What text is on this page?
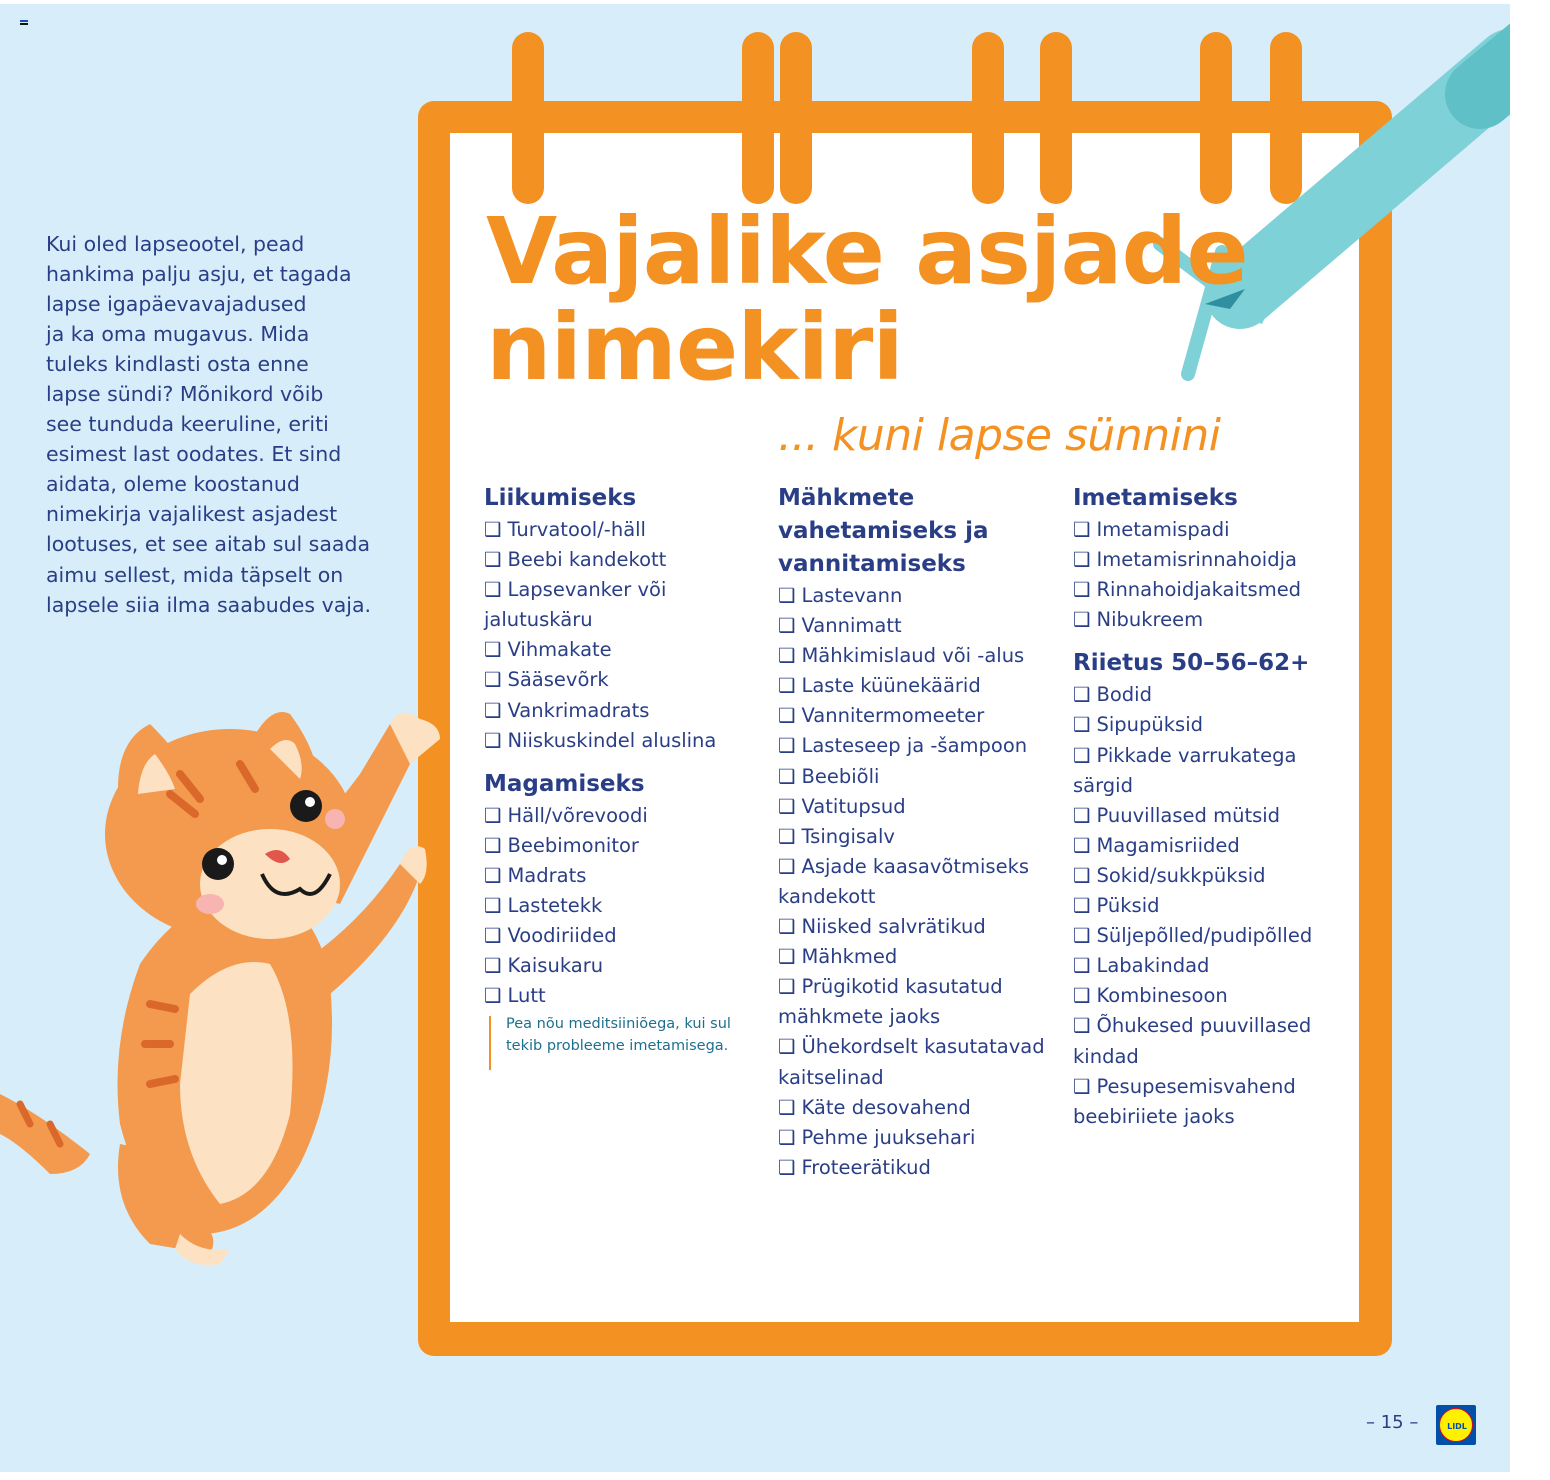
Kui oled lapseootel, pead
hankima palju asju, et tagada
lapse igapäevavajadused
ja ka oma mugavus. Mida
tuleks kindlasti osta enne
lapse sündi? Mõnikord võib
see tunduda keeruline, eriti
esimest last oodates. Et sind
aidata, oleme koostanud
nimekirja vajalikest asjadest
lootuses, et see aitab sul saada
aimu sellest, mida täpselt on
lapsele siia ilma saabudes vaja.

Vajalike asjade
nimekiri

... kuni lapse sünnini

Liikumiseks
❑ Turvatool/-häll
❑ Beebi kandekott
❑ Lapsevanker või jalutuskäru
❑ Vihmakate
❑ Sääsevõrk
❑ Vankrimadrats
❑ Niiskuskindel aluslina
Magamiseks
❑ Häll/võrevoodi
❑ Beebimonitor
❑ Madrats
❑ Lastetekk
❑ Voodiriided
❑ Kaisukaru
❑ Lutt
Pea nõu meditsiiniõega, kui sul tekib probleeme imetamisega.
Mähkmete vahetamiseks ja vannitamiseks
❑ Lastevann
❑ Vannimatt
❑ Mähkimislaud või -alus
❑ Laste küünekäärid
❑ Vannitermomeeter
❑ Lasteseep ja -šampoon
❑ Beebiõli
❑ Vatitupsud
❑ Tsingisalv
❑ Asjade kaasavõtmiseks kandekott
❑ Niisked salvrätikud
❑ Mähkmed
❑ Prügikotid kasutatud mähkmete jaoks
❑ Ühekordselt kasutatavad kaitselinad
❑ Käte desovahend
❑ Pehme juuksehari
❑ Froteerätikud
Imetamiseks
❑ Imetamispadi
❑ Imetamisrinnahoidja
❑ Rinnahoidjakaitsmed
❑ Nibukreem
Riietus 50–56–62+
❑ Bodid
❑ Sipupüksid
❑ Pikkade varrukatega särgid
❑ Puuvillased mütsid
❑ Magamisriided
❑ Sokid/sukkpüksid
❑ Püksid
❑ Süljepõlled/pudipõlled
❑ Labakindad
❑ Kombinesoon
❑ Õhukesed puuvillased kindad
❑ Pesupesemisvahend beebiriiete jaoks
– 15 –	LIDL
